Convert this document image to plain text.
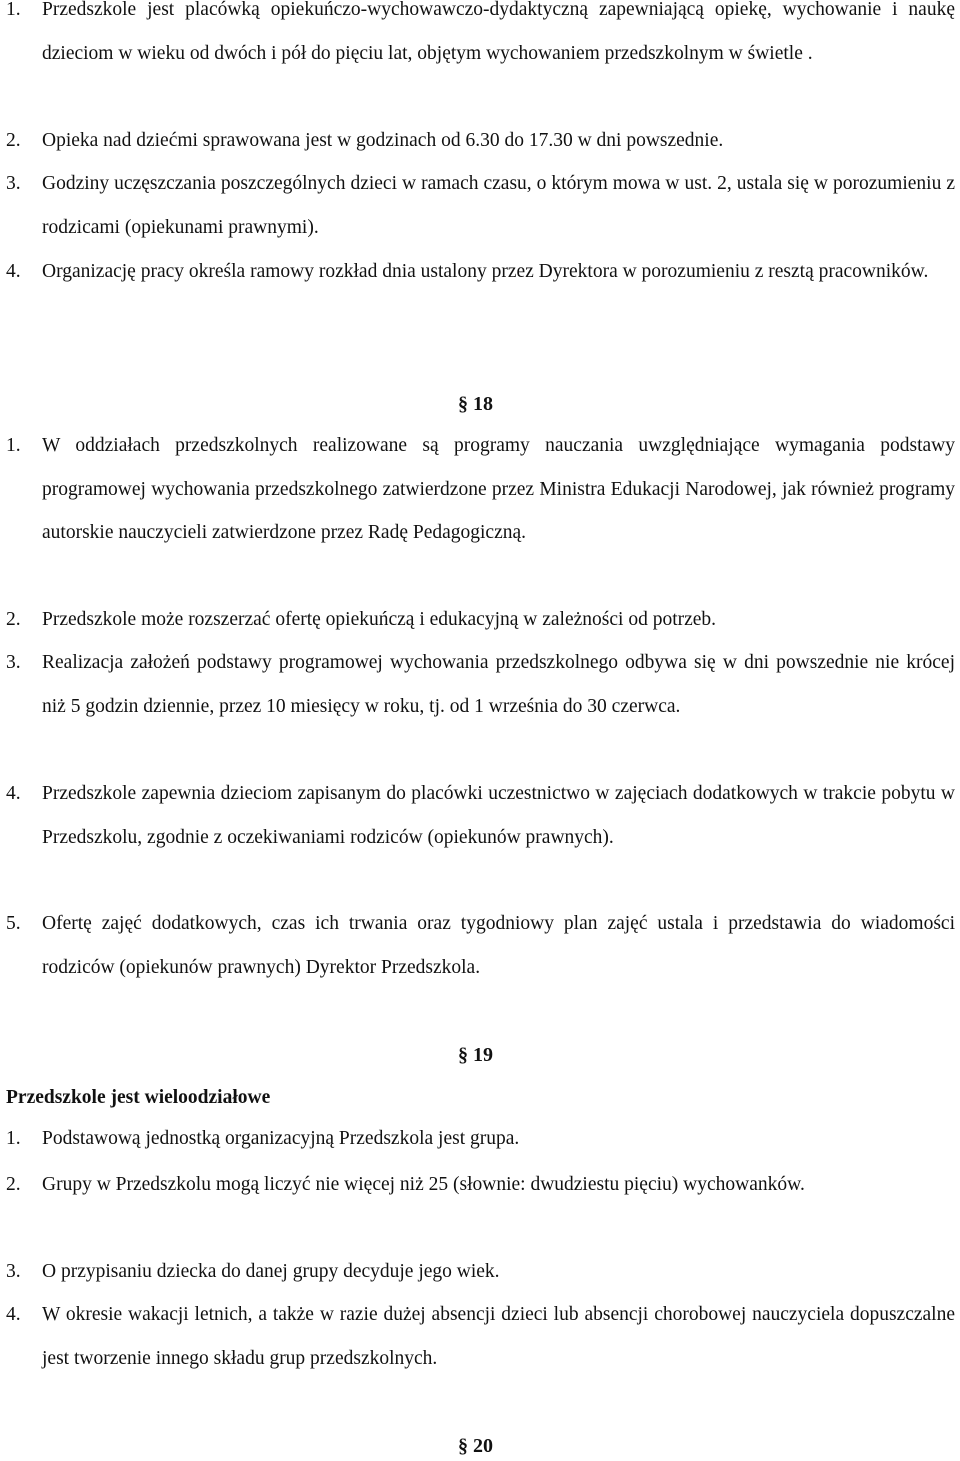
1. Przedszkole jest placówką opiekuńczo-wychowawczo-dydaktyczną zapewniającą opiekę, wychowanie i naukę dzieciom w wieku od dwóch i pół do pięciu lat, objętym wychowaniem przedszkolnym w świetle .
2. Opieka nad dziećmi sprawowana jest w godzinach od 6.30 do 17.30 w dni powszednie.
3. Godziny uczęszczania poszczególnych dzieci w ramach czasu, o którym mowa w ust. 2, ustala się w porozumieniu z rodzicami (opiekunami prawnymi).
4. Organizację pracy określa ramowy rozkład dnia ustalony przez Dyrektora w porozumieniu z resztą pracowników.
§ 18
1. W oddziałach przedszkolnych realizowane są programy nauczania uwzględniające wymagania podstawy programowej wychowania przedszkolnego zatwierdzone przez Ministra Edukacji Narodowej, jak również programy autorskie nauczycieli zatwierdzone przez Radę Pedagogiczną.
2. Przedszkole może rozszerzać ofertę opiekuńczą i edukacyjną w zależności od potrzeb.
3. Realizacja założeń podstawy programowej wychowania przedszkolnego odbywa się w dni powszednie nie krócej niż 5 godzin dziennie, przez 10 miesięcy w roku, tj. od 1 września do 30 czerwca.
4. Przedszkole zapewnia dzieciom zapisanym do placówki uczestnictwo w zajęciach dodatkowych w trakcie pobytu w Przedszkolu, zgodnie z oczekiwaniami rodziców (opiekunów prawnych).
5. Ofertę zajęć dodatkowych, czas ich trwania oraz tygodniowy plan zajęć ustala i przedstawia do wiadomości rodziców (opiekunów prawnych) Dyrektor Przedszkola.
§ 19
Przedszkole jest wieloodziałowe
1. Podstawową jednostką organizacyjną Przedszkola jest grupa.
2. Grupy w Przedszkolu mogą liczyć nie więcej niż 25 (słownie: dwudziestu pięciu) wychowanków.
3. O przypisaniu dziecka do danej grupy decyduje jego wiek.
4. W okresie wakacji letnich, a także w razie dużej absencji dzieci lub absencji chorobowej nauczyciela dopuszczalne jest tworzenie innego składu grup przedszkolnych.
§ 20
